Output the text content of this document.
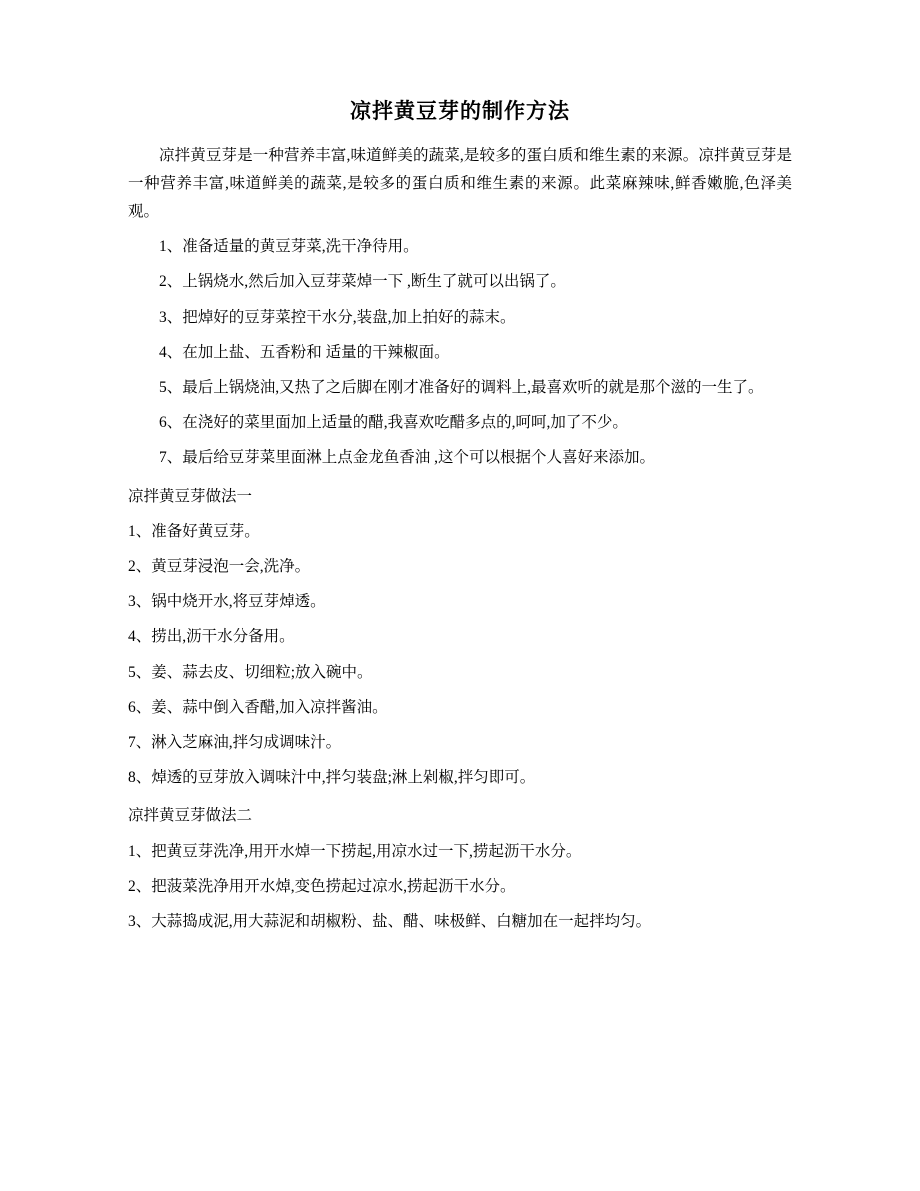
凉拌黄豆芽的制作方法

凉拌黄豆芽是一种营养丰富,味道鲜美的蔬菜,是较多的蛋白质和维生素的来源。凉拌黄豆芽是一种营养丰富,味道鲜美的蔬菜,是较多的蛋白质和维生素的来源。此菜麻辣味,鲜香嫩脆,色泽美观。

1、准备适量的黄豆芽菜,洗干净待用。

2、上锅烧水,然后加入豆芽菜焯一下 ,断生了就可以出锅了。

3、把焯好的豆芽菜控干水分,装盘,加上拍好的蒜末。

4、在加上盐、五香粉和 适量的干辣椒面。

5、最后上锅烧油,又热了之后脚在刚才准备好的调料上,最喜欢听的就是那个滋的一生了。

6、在浇好的菜里面加上适量的醋,我喜欢吃醋多点的,呵呵,加了不少。

7、最后给豆芽菜里面淋上点金龙鱼香油 ,这个可以根据个人喜好来添加。

凉拌黄豆芽做法一

1、准备好黄豆芽。

2、黄豆芽浸泡一会,洗净。

3、锅中烧开水,将豆芽焯透。

4、捞出,沥干水分备用。

5、姜、蒜去皮、切细粒;放入碗中。

6、姜、蒜中倒入香醋,加入凉拌酱油。

7、淋入芝麻油,拌匀成调味汁。

8、焯透的豆芽放入调味汁中,拌匀装盘;淋上剁椒,拌匀即可。

凉拌黄豆芽做法二

1、把黄豆芽洗净,用开水焯一下捞起,用凉水过一下,捞起沥干水分。

2、把菠菜洗净用开水焯,变色捞起过凉水,捞起沥干水分。

3、大蒜捣成泥,用大蒜泥和胡椒粉、盐、醋、味极鲜、白糖加在一起拌均匀。
